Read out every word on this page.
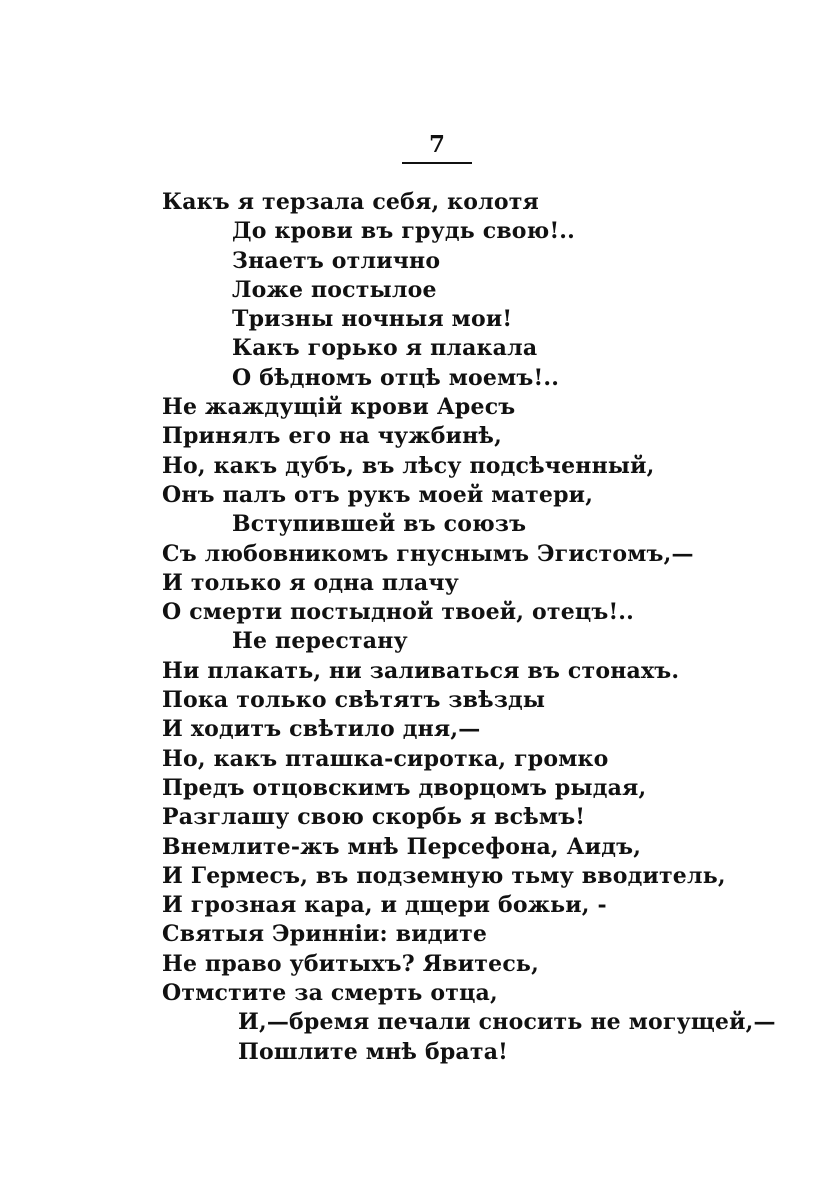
7
Какъ я терзала себя, колотя
До крови въ грудь свою!..
Знаетъ отлично
Ложе постылое
Тризны ночныя мои!
Какъ горько я плакала
О бѣдномъ отцѣ моемъ!..
Не жаждущій крови Аресъ
Принялъ его на чужбинѣ,
Но, какъ дубъ, въ лѣсу подсѣченный,
Онъ палъ отъ рукъ моей матери,
Вступившей въ союзъ
Съ любовникомъ гнуснымъ Эгистомъ,—
И только я одна плачу
О смерти постыдной твоей, отецъ!..
Не перестану
Ни плакать, ни заливаться въ стонахъ.
Пока только свѣтятъ звѣзды
И ходитъ свѣтило дня,—
Но, какъ пташка-сиротка, громко
Предъ отцовскимъ дворцомъ рыдая,
Разглашу свою скорбь я всѣмъ!
Внемлите-жъ мнѣ Персефона, Аидъ,
И Гермесъ, въ подземную тьму вводитель,
И грозная кара, и дщери божьи, -
Святыя Эриннiи: видите
Не право убитыхъ? Явитесь,
Отмстите за смерть отца,
И,—бремя печали сносить не могущей,—
Пошлите мнѣ брата!
